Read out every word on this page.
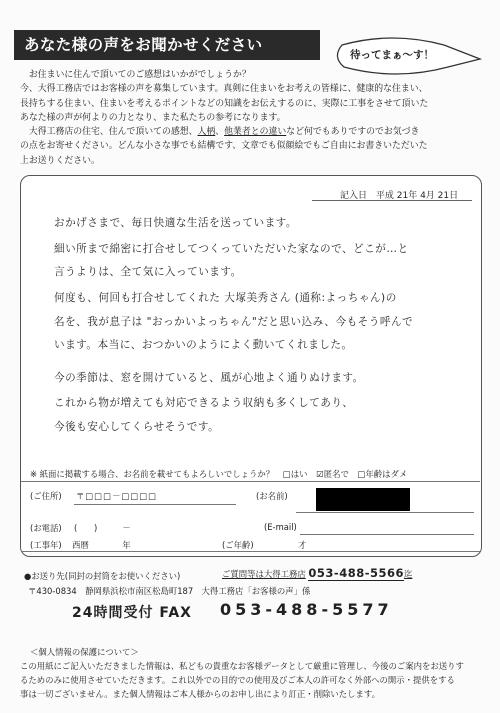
あなた様の声をお聞かせください
待ってまぁ～す！

　お住まいに住んで頂いてのご感想はいかがでしょうか？

今、大得工務店ではお客様の声を募集しています。真剣に住まいをお考えの皆様に、健康的な住まい、

長持ちする住まい、住まいを考えるポイントなどの知識をお伝えするのに、実際に工事をさせて頂いた

あなた様の声が何よりの力となり、また私たちの参考になります。

　大得工務店の住宅、住んで頂いての感想、人柄、他業者との違いなど何でもありですのでお気づき

の点をお寄せください。どんな小さな事でも結構です、文章でも似顔絵でもご自由にお書きいただいた

上お送りください。

記入日 平成 21年 4月 21日
おかげさまで、毎日快適な生活を送っています。
細い所まで綿密に打合せしてつくっていただいた家なので、どこが…と
言うよりは、全て気に入っています。
何度も、何回も打合せしてくれた 大塚美秀さん (通称:よっちゃん)の
名を、我が息子は "おっかいよっちゃん"だと思い込み、今もそう呼んで
います。本当に、おつかいのようによく動いてくれました。
今の季節は、窓を開けていると、風が心地よく通りぬけます。
これから物が増えても対応できるよう収納も多くしてあり、
今後も安心してくらせそうです。
※ 紙面に掲載する場合、お名前を載せてもよろしいでしょうか？ □はい ☑匿名で □年齢はダメ
(ご住所) 〒□□□－□□□□	(お名前)
(お電話) (　　)　　　－	(E-mail)
(工事年) 西暦　　　　年	(ご年齢)	才
●お送り先(同封の封筒をお使いください)	ご質問等は大得工務店 053-488-5566迄
〒430-0834　静岡県浜松市南区松島町187　大得工務店「お客様の声」係
24時間受付 FAX 053-488-5577

＜個人情報の保護について＞

この用紙にご記入いただきました情報は、私どもの貴重なお客様データとして厳重に管理し、今後のご案内をお送りす

るためのみに使用させていただきます。これ以外での目的での使用及びご本人の許可なく外部への開示・提供をする

事は一切ございません。また個人情報はご本人様からのお申し出により訂正・削除いたします。
